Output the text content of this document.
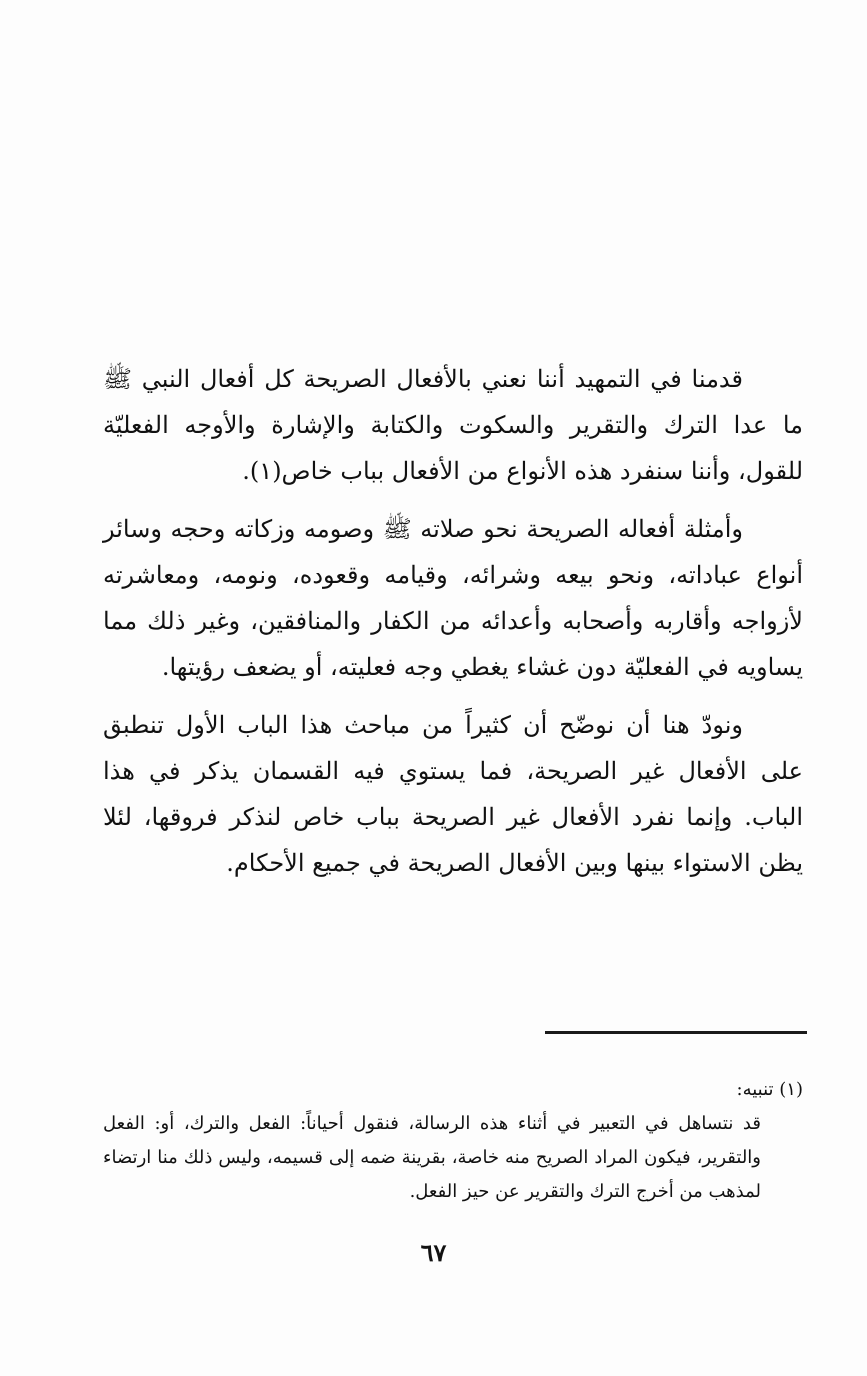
قدمنا في التمهيد أننا نعني بالأفعال الصريحة كل أفعال النبي ﷺ ما عدا الترك والتقرير والسكوت والكتابة والإشارة والأوجه الفعليّة للقول، وأننا سنفرد هذه الأنواع من الأفعال بباب خاص(١).

وأمثلة أفعاله الصريحة نحو صلاته ﷺ وصومه وزكاته وحجه وسائر أنواع عباداته، ونحو بيعه وشرائه، وقيامه وقعوده، ونومه، ومعاشرته لأزواجه وأقاربه وأصحابه وأعدائه من الكفار والمنافقين، وغير ذلك مما يساويه في الفعليّة دون غشاء يغطي وجه فعليته، أو يضعف رؤيتها.

ونودّ هنا أن نوضّح أن كثيراً من مباحث هذا الباب الأول تنطبق على الأفعال غير الصريحة، فما يستوي فيه القسمان يذكر في هذا الباب. وإنما نفرد الأفعال غير الصريحة بباب خاص لنذكر فروقها، لئلا يظن الاستواء بينها وبين الأفعال الصريحة في جميع الأحكام.

(١) تنبيه:

قد نتساهل في التعبير في أثناء هذه الرسالة، فنقول أحياناً: الفعل والترك، أو: الفعل والتقرير، فيكون المراد الصريح منه خاصة، بقرينة ضمه إلى قسيمه، وليس ذلك منا ارتضاء لمذهب من أخرج الترك والتقرير عن حيز الفعل.

٦٧
